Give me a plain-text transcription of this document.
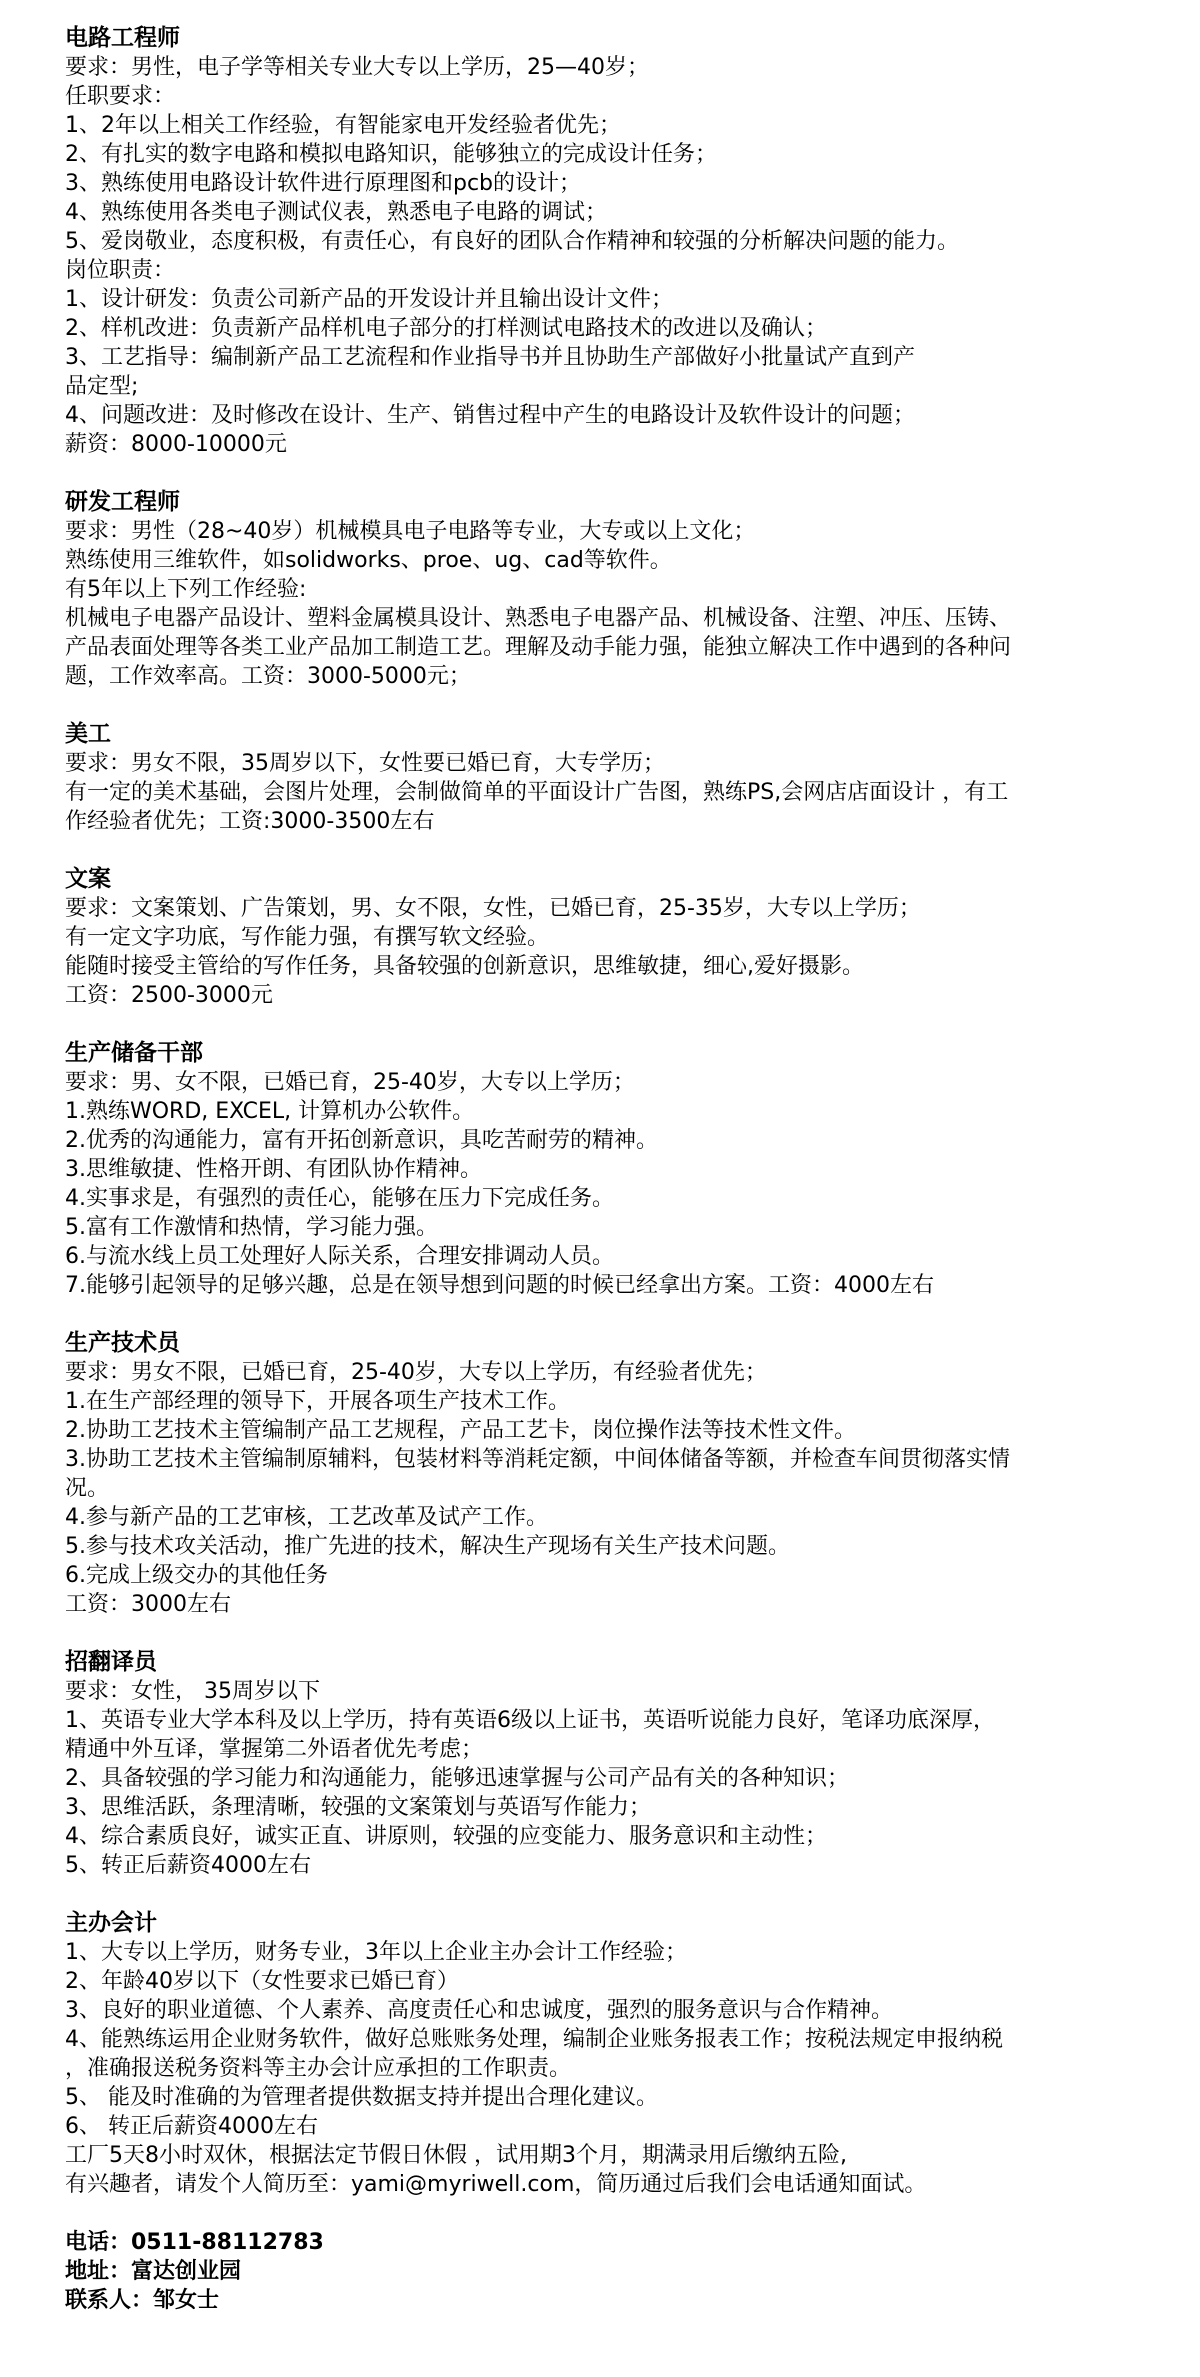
电路工程师
要求：男性，电子学等相关专业大专以上学历，25—40岁；
任职要求：
1、2年以上相关工作经验，有智能家电开发经验者优先；
2、有扎实的数字电路和模拟电路知识，能够独立的完成设计任务；
3、熟练使用电路设计软件进行原理图和pcb的设计；
4、熟练使用各类电子测试仪表，熟悉电子电路的调试；
5、爱岗敬业，态度积极，有责任心，有良好的团队合作精神和较强的分析解决问题的能力。
岗位职责：
1、设计研发：负责公司新产品的开发设计并且输出设计文件；
2、样机改进：负责新产品样机电子部分的打样测试电路技术的改进以及确认；
3、工艺指导：编制新产品工艺流程和作业指导书并且协助生产部做好小批量试产直到产
品定型;
4、问题改进：及时修改在设计、生产、销售过程中产生的电路设计及软件设计的问题；
薪资：8000-10000元
研发工程师
要求：男性（28~40岁）机械模具电子电路等专业，大专或以上文化；
熟练使用三维软件，如solidworks、proe、ug、cad等软件。
有5年以上下列工作经验:
机械电子电器产品设计、塑料金属模具设计、熟悉电子电器产品、机械设备、注塑、冲压、压铸、
产品表面处理等各类工业产品加工制造工艺。理解及动手能力强，能独立解决工作中遇到的各种问
题，工作效率高。工资：3000-5000元；
美工
要求：男女不限，35周岁以下，女性要已婚已育，大专学历；
有一定的美术基础，会图片处理，会制做简单的平面设计广告图，熟练PS,会网店店面设计 ，有工
作经验者优先；工资:3000-3500左右
文案
要求：文案策划、广告策划，男、女不限，女性，已婚已育，25-35岁，大专以上学历；
有一定文字功底，写作能力强，有撰写软文经验。
能随时接受主管给的写作任务，具备较强的创新意识，思维敏捷，细心,爱好摄影。
工资：2500-3000元
生产储备干部
要求：男、女不限，已婚已育，25-40岁，大专以上学历；
1.熟练WORD, EXCEL, 计算机办公软件。
2.优秀的沟通能力，富有开拓创新意识，具吃苦耐劳的精神。
3.思维敏捷、性格开朗、有团队协作精神。
4.实事求是，有强烈的责任心，能够在压力下完成任务。
5.富有工作激情和热情，学习能力强。
6.与流水线上员工处理好人际关系，合理安排调动人员。
7.能够引起领导的足够兴趣，总是在领导想到问题的时候已经拿出方案。工资：4000左右
生产技术员
要求：男女不限，已婚已育，25-40岁，大专以上学历，有经验者优先；
1.在生产部经理的领导下，开展各项生产技术工作。
2.协助工艺技术主管编制产品工艺规程，产品工艺卡，岗位操作法等技术性文件。
3.协助工艺技术主管编制原辅料，包装材料等消耗定额，中间体储备等额，并检查车间贯彻落实情
况。
4.参与新产品的工艺审核，工艺改革及试产工作。
5.参与技术攻关活动，推广先进的技术，解决生产现场有关生产技术问题。
6.完成上级交办的其他任务
工资：3000左右
招翻译员
要求：女性， 35周岁以下
1、英语专业大学本科及以上学历，持有英语6级以上证书，英语听说能力良好，笔译功底深厚，
精通中外互译，掌握第二外语者优先考虑；
2、具备较强的学习能力和沟通能力，能够迅速掌握与公司产品有关的各种知识；
3、思维活跃，条理清晰，较强的文案策划与英语写作能力；
4、综合素质良好，诚实正直、讲原则，较强的应变能力、服务意识和主动性；
5、转正后薪资4000左右
主办会计
1、大专以上学历，财务专业，3年以上企业主办会计工作经验；
2、年龄40岁以下（女性要求已婚已育）
3、良好的职业道德、个人素养、高度责任心和忠诚度，强烈的服务意识与合作精神。
4、能熟练运用企业财务软件，做好总账账务处理，编制企业账务报表工作；按税法规定申报纳税
，准确报送税务资料等主办会计应承担的工作职责。
5、 能及时准确的为管理者提供数据支持并提出合理化建议。
6、 转正后薪资4000左右
工厂5天8小时双休，根据法定节假日休假 ，试用期3个月，期满录用后缴纳五险,
有兴趣者，请发个人简历至：yami@myriwell.com，简历通过后我们会电话通知面试。
电话：0511-88112783
地址：富达创业园
联系人：邹女士
